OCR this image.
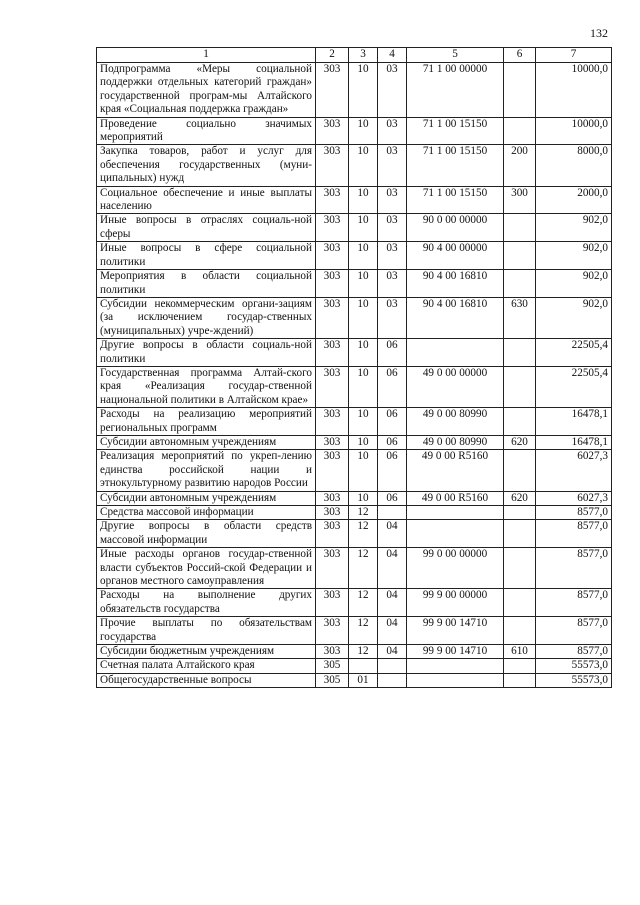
132
1	2	3	4	5	6	7
Подпрограмма «Меры социальной поддержки отдельных категорий граждан» государственной програм-мы Алтайского края «Социальная поддержка граждан»	303	10	03	71 1 00 00000		10000,0
Проведение социально значимых мероприятий	303	10	03	71 1 00 15150		10000,0
Закупка товаров, работ и услуг для обеспечения государственных (муни-ципальных) нужд	303	10	03	71 1 00 15150	200	8000,0
Социальное обеспечение и иные выплаты населению	303	10	03	71 1 00 15150	300	2000,0
Иные вопросы в отраслях социаль-ной сферы	303	10	03	90 0 00 00000		902,0
Иные вопросы в сфере социальной политики	303	10	03	90 4 00 00000		902,0
Мероприятия в области социальной политики	303	10	03	90 4 00 16810		902,0
Субсидии некоммерческим органи-зациям (за исключением государ-ственных (муниципальных) учре-ждений)	303	10	03	90 4 00 16810	630	902,0
Другие вопросы в области социаль-ной политики	303	10	06			22505,4
Государственная программа Алтай-ского края «Реализация государ-ственной национальной политики в Алтайском крае»	303	10	06	49 0 00 00000		22505,4
Расходы на реализацию мероприятий региональных программ	303	10	06	49 0 00 80990		16478,1
Субсидии автономным учреждениям	303	10	06	49 0 00 80990	620	16478,1
Реализация мероприятий по укреп-лению единства российской нации и этнокультурному развитию народов России	303	10	06	49 0 00 R5160		6027,3
Субсидии автономным учреждениям	303	10	06	49 0 00 R5160	620	6027,3
Средства массовой информации	303	12				8577,0
Другие вопросы в области средств массовой информации	303	12	04			8577,0
Иные расходы органов государ-ственной власти субъектов Россий-ской Федерации и органов местного самоуправления	303	12	04	99 0 00 00000		8577,0
Расходы на выполнение других обязательств государства	303	12	04	99 9 00 00000		8577,0
Прочие выплаты по обязательствам государства	303	12	04	99 9 00 14710		8577,0
Субсидии бюджетным учреждениям	303	12	04	99 9 00 14710	610	8577,0
Счетная палата Алтайского края	305					55573,0
Общегосударственные вопросы	305	01				55573,0
